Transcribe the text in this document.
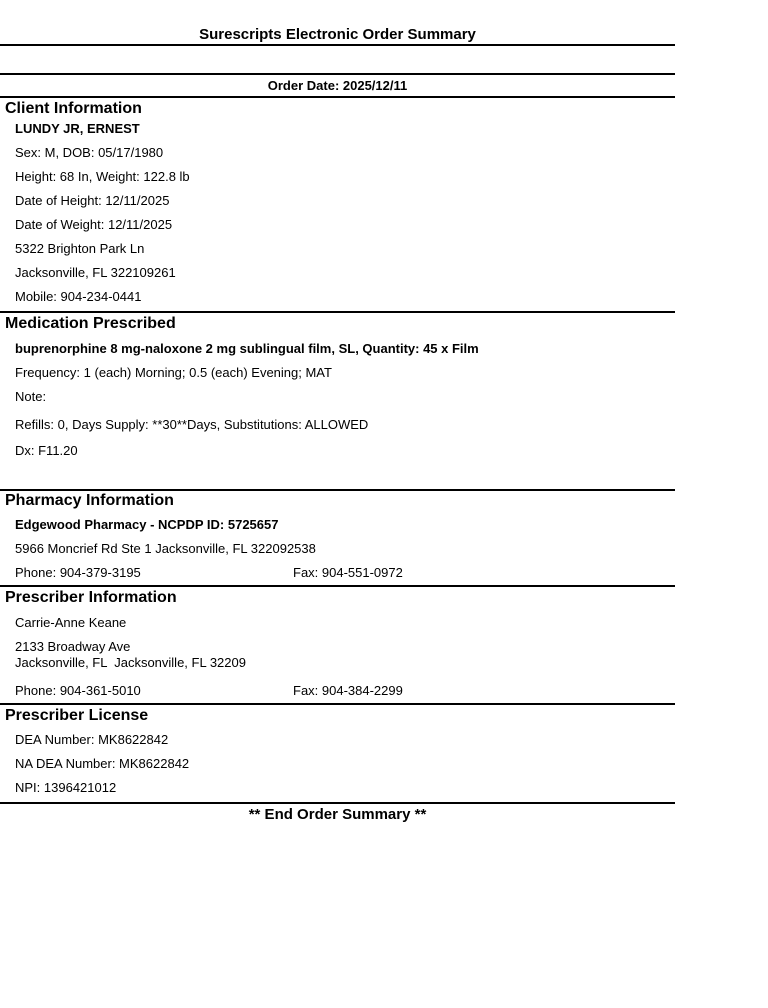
Surescripts Electronic Order Summary
Order Date: 2025/12/11
Client Information
LUNDY JR, ERNEST
Sex: M, DOB: 05/17/1980
Height: 68 In, Weight: 122.8 lb
Date of Height: 12/11/2025
Date of Weight: 12/11/2025
5322 Brighton Park Ln
Jacksonville, FL 322109261
Mobile: 904-234-0441
Medication Prescribed
buprenorphine 8 mg-naloxone 2 mg sublingual film, SL, Quantity: 45 x Film
Frequency: 1 (each) Morning; 0.5 (each) Evening; MAT
Note:
Refills: 0, Days Supply: **30**Days, Substitutions: ALLOWED
Dx: F11.20
Pharmacy Information
Edgewood Pharmacy - NCPDP ID: 5725657
5966 Moncrief Rd Ste 1 Jacksonville, FL 322092538
Phone: 904-379-3195	Fax: 904-551-0972
Prescriber Information
Carrie-Anne Keane
2133 Broadway Ave
Jacksonville, FL  Jacksonville, FL 32209
Phone: 904-361-5010	Fax: 904-384-2299
Prescriber License
DEA Number: MK8622842
NA DEA Number: MK8622842
NPI: 1396421012
** End Order Summary **
